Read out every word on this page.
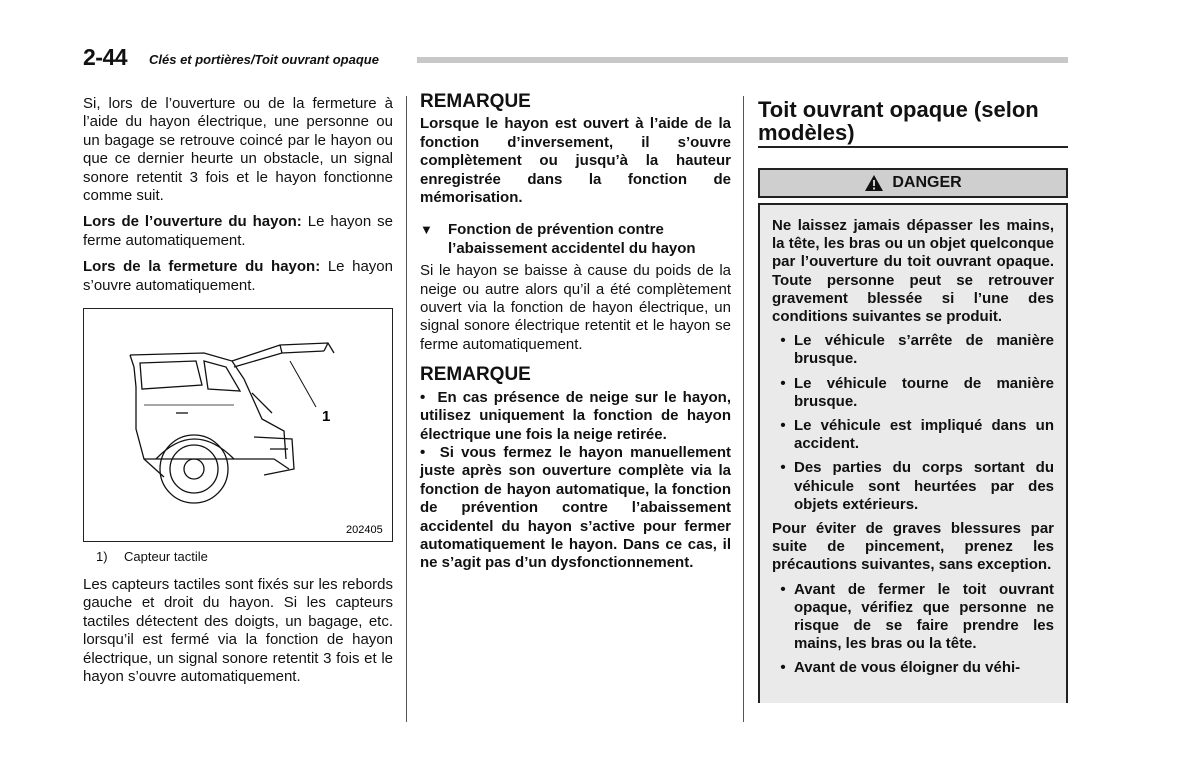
2-44 Clés et portières/Toit ouvrant opaque

Si, lors de l’ouverture ou de la fermeture à l’aide du hayon électrique, une personne ou un bagage se retrouve coincé par le hayon ou que ce dernier heurte un obstacle, un signal sonore retentit 3 fois et le hayon fonctionne comme suit.

Lors de l’ouverture du hayon: Le hayon se ferme automatiquement.

Lors de la fermeture du hayon: Le hayon s’ouvre automatiquement.

1
202405
1) Capteur tactile

Les capteurs tactiles sont fixés sur les rebords gauche et droit du hayon. Si les capteurs tactiles détectent des doigts, un bagage, etc. lorsqu’il est fermé via la fonction de hayon électrique, un signal sonore retentit 3 fois et le hayon s’ouvre automatiquement.

REMARQUE
Lorsque le hayon est ouvert à l’aide de la fonction d’inversement, il s’ouvre complètement ou jusqu’à la hauteur enregistrée dans la fonction de mémorisation.
▼	Fonction de prévention contre l’abaissement accidentel du hayon

Si le hayon se baisse à cause du poids de la neige ou autre alors qu’il a été complètement ouvert via la fonction de hayon électrique, un signal sonore électrique retentit et le hayon se ferme automatiquement.

REMARQUE
•  En cas présence de neige sur le hayon, utilisez uniquement la fonction de hayon électrique une fois la neige retirée.
•  Si vous fermez le hayon manuellement juste après son ouverture complète via la fonction de hayon automatique, la fonction de prévention contre l’abaissement accidentel du hayon s’active pour fermer automatiquement le hayon. Dans ce cas, il ne s’agit pas d’un dysfonctionnement.
Toit ouvrant opaque (selon modèles)
DANGER

Ne laissez jamais dépasser les mains, la tête, les bras ou un objet quelconque par l’ouverture du toit ouvrant opaque. Toute personne peut se retrouver gravement blessée si l’une des conditions suivantes se produit.

• Le véhicule s’arrête de manière brusque.
• Le véhicule tourne de manière brusque.
• Le véhicule est impliqué dans un accident.
• Des parties du corps sortant du véhicule sont heurtées par des objets extérieurs.

Pour éviter de graves blessures par suite de pincement, prenez les précautions suivantes, sans exception.

• Avant de fermer le toit ouvrant opaque, vérifiez que personne ne risque de se faire prendre les mains, les bras ou la tête.
• Avant de vous éloigner du véhi-
